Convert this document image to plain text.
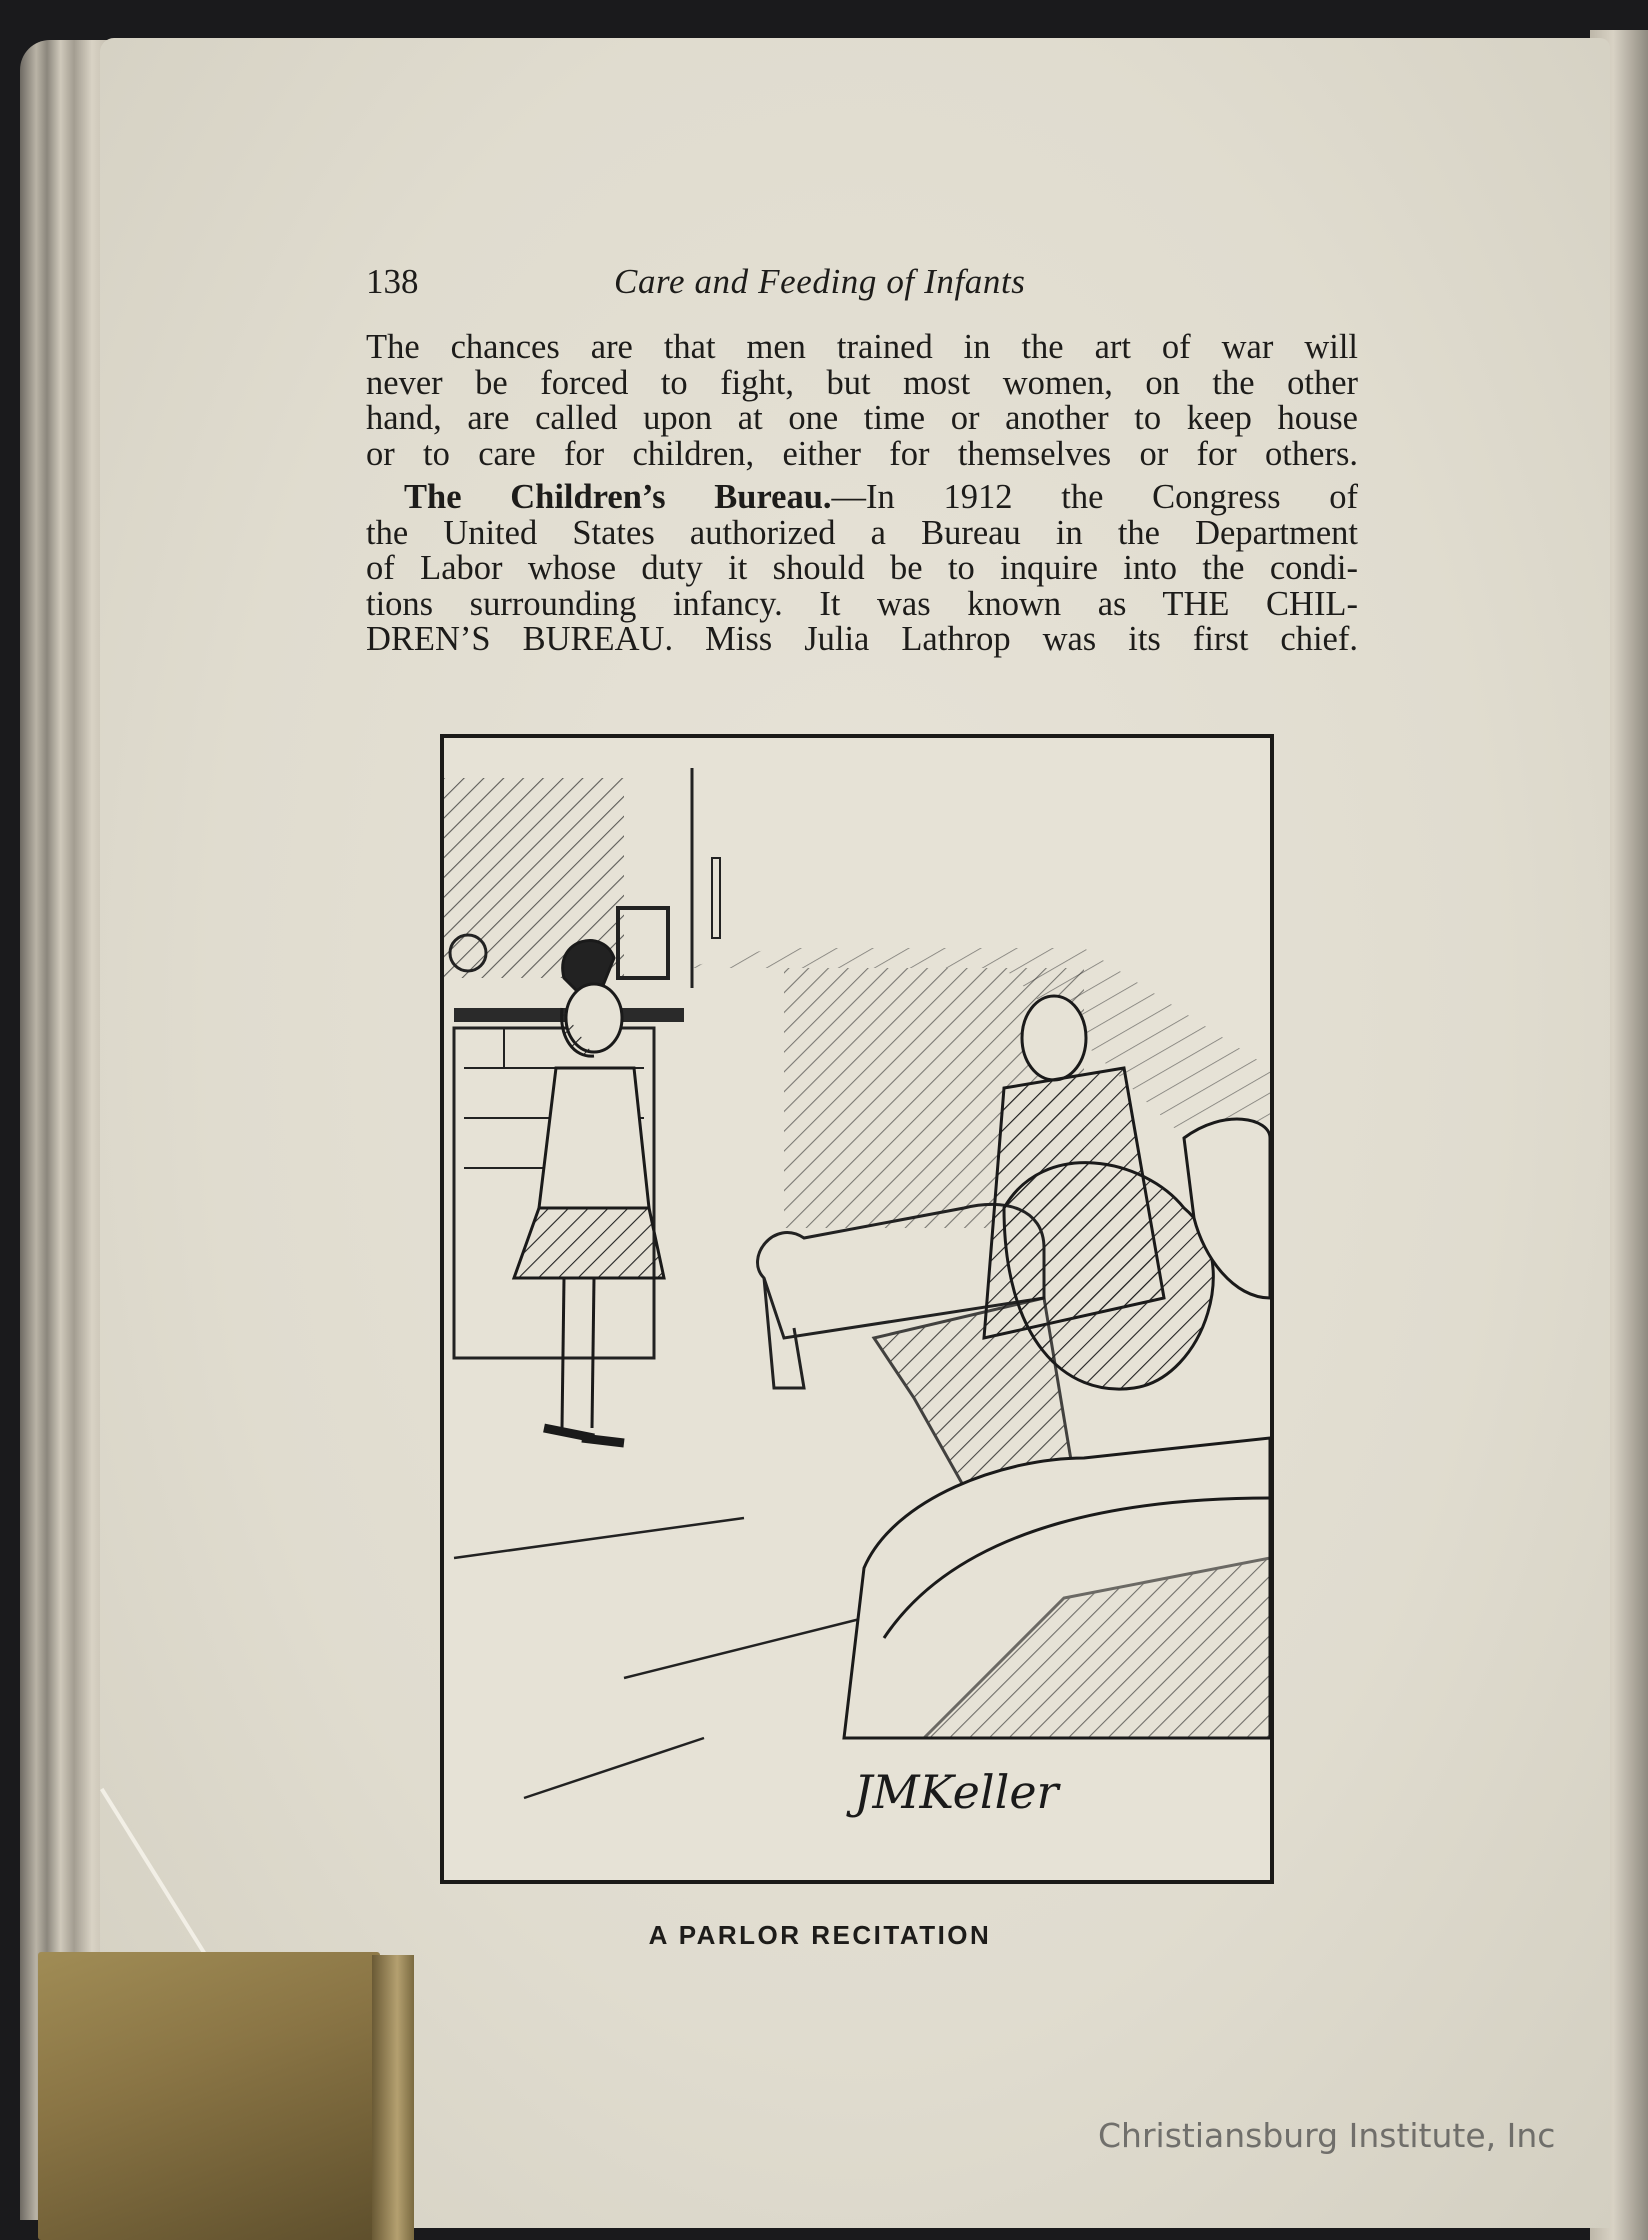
138	Care and Feeding of Infants

The chances are that men trained in the art of war will
never be forced to fight, but most women, on the other
hand, are called upon at one time or another to keep house
or to care for children, either for themselves or for others.

The Children’s Bureau.—In 1912 the Congress of
the United States authorized a Bureau in the Department
of Labor whose duty it should be to inquire into the condi-
tions surrounding infancy. It was known as THE CHIL-
DREN’S BUREAU. Miss Julia Lathrop was its first chief.

JMKeller
A PARLOR RECITATION
Christiansburg Institute, Inc
